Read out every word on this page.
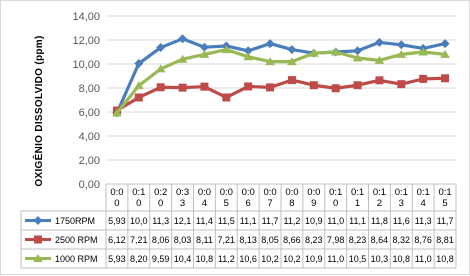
0,00
2,00
4,00
6,00
8,00
10,00
12,00
14,00
OXIGÊNIO DISSOLVIDO (ppm)
0:0
0
0:1
0
0:2
0
0:3
3
0:0
4
0:0
5
0:0
6
0:0
7
0:0
8
0:0
9
0:1
0
0:1
1
0:1
2
0:1
3
0:1
4
0:1
5
1750RPM 5,93 10,0 11,3 12,1 11,4 11,5 11,1 11,7 11,2 10,9 11,0 11,1 11,8 11,6 11,3 11,7
2500 RPM 6,12 7,21 8,06 8,03 8,11 7,21 8,13 8,05 8,66 8,23 7,98 8,23 8,64 8,32 8,76 8,81
1000 RPM 5,93 8,20 9,59 10,4 10,8 11,2 10,6 10,2 10,2 10,9 11,0 10,5 10,3 10,8 11,0 10,8
